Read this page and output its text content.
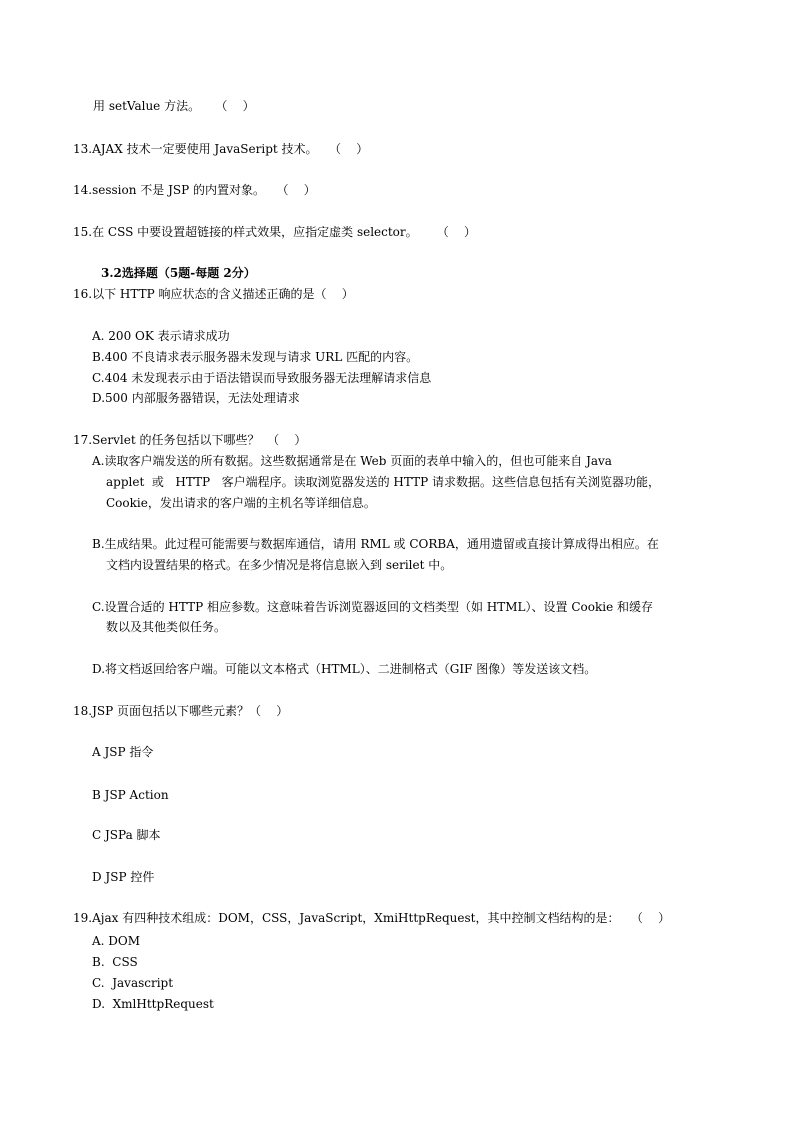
用 setValue 方法。    （    ）
13.AJAX 技术一定要使用 JavaSeript 技术。   （    ）
14.session 不是 JSP 的内置对象。   （    ）
15.在 CSS 中要设置超链接的样式效果，应指定虚类 selector。     （    ）
3.2选择题（5题-每题 2分）
16.以下 HTTP 响应状态的含义描述正确的是（    ）
A. 200 OK 表示请求成功
B.400 不良请求表示服务器未发现与请求 URL 匹配的内容。
C.404 未发现表示由于语法错误而导致服务器无法理解请求信息
D.500 内部服务器错误，无法处理请求
17.Servlet 的任务包括以下哪些？  （    ）
A.读取客户端发送的所有数据。这些数据通常是在 Web 页面的表单中输入的，但也可能来自 Java
applet  或   HTTP   客户端程序。读取浏览器发送的 HTTP 请求数据。这些信息包括有关浏览器功能，
Cookie，发出请求的客户端的主机名等详细信息。
B.生成结果。此过程可能需要与数据库通信，请用 RML 或 CORBA，通用遗留或直接计算成得出相应。在
文档内设置结果的格式。在多少情况是将信息嵌入到 serilet 中。
C.设置合适的 HTTP 相应参数。这意味着告诉浏览器返回的文档类型（如 HTML）、设置 Cookie 和缓存
数以及其他类似任务。
D.将文档返回给客户端。可能以文本格式（HTML）、二进制格式（GIF 图像）等发送该文档。
18.JSP 页面包括以下哪些元素？（    ）
A JSP 指令
B JSP Action
C JSPa 脚本
D JSP 控件
19.Ajax 有四种技术组成：DOM，CSS，JavaScript，XmiHttpRequest，其中控制文档结构的是：   （    ）
A. DOM
B.  CSS
C.  Javascript
D.  XmlHttpRequest
